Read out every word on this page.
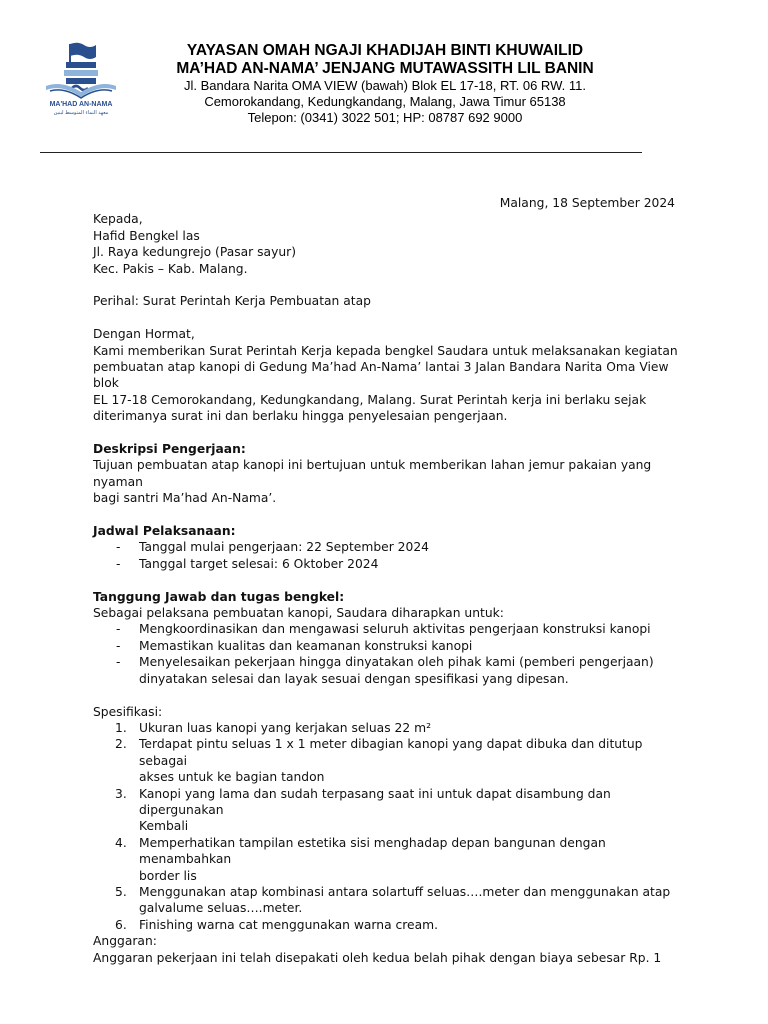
MA'HAD AN-NAMA
معهد النماء المتوسط لبنين
YAYASAN OMAH NGAJI KHADIJAH BINTI KHUWAILID
MA’HAD AN-NAMA’ JENJANG MUTAWASSITH LIL BANIN
Jl. Bandara Narita OMA VIEW (bawah) Blok EL 17-18, RT. 06 RW. 11.
Cemorokandang, Kedungkandang, Malang, Jawa Timur 65138
Telepon: (0341) 3022 501; HP: 08787 692 9000
Malang, 18 September 2024

Kepada,

Hafid Bengkel las

Jl. Raya kedungrejo (Pasar sayur)

Kec. Pakis – Kab. Malang.

Perihal: Surat Perintah Kerja Pembuatan atap

Dengan Hormat,

Kami memberikan Surat Perintah Kerja kepada bengkel Saudara untuk melaksanakan kegiatan

pembuatan atap kanopi di Gedung Ma’had An-Nama’ lantai 3 Jalan Bandara Narita Oma View blok

EL 17-18 Cemorokandang, Kedungkandang, Malang. Surat Perintah kerja ini berlaku sejak

diterimanya surat ini dan berlaku hingga penyelesaian pengerjaan.

Deskripsi Pengerjaan:

Tujuan pembuatan atap kanopi ini bertujuan untuk memberikan lahan jemur pakaian yang nyaman

bagi santri Ma’had An-Nama’.

Jadwal Pelaksanaan:

- Tanggal mulai pengerjaan: 22 September 2024
- Tanggal target selesai: 6 Oktober 2024

Tanggung Jawab dan tugas bengkel:

Sebagai pelaksana pembuatan kanopi, Saudara diharapkan untuk:

- Mengkoordinasikan dan mengawasi seluruh aktivitas pengerjaan konstruksi kanopi
- Memastikan kualitas dan keamanan konstruksi kanopi
- Menyelesaikan pekerjaan hingga dinyatakan oleh pihak kami (pemberi pengerjaan)
dinyatakan selesai dan layak sesuai dengan spesifikasi yang dipesan.

Spesifikasi:

1. Ukuran luas kanopi yang kerjakan seluas 22 m²
2. Terdapat pintu seluas 1 x 1 meter dibagian kanopi yang dapat dibuka dan ditutup sebagai
akses untuk ke bagian tandon
3. Kanopi yang lama dan sudah terpasang saat ini untuk dapat disambung dan dipergunakan
Kembali
4. Memperhatikan tampilan estetika sisi menghadap depan bangunan dengan menambahkan
border lis
5. Menggunakan atap kombinasi antara solartuff seluas….meter dan menggunakan atap
galvalume seluas….meter.
6. Finishing warna cat menggunakan warna cream.

Anggaran:

Anggaran pekerjaan ini telah disepakati oleh kedua belah pihak dengan biaya sebesar Rp. 1
